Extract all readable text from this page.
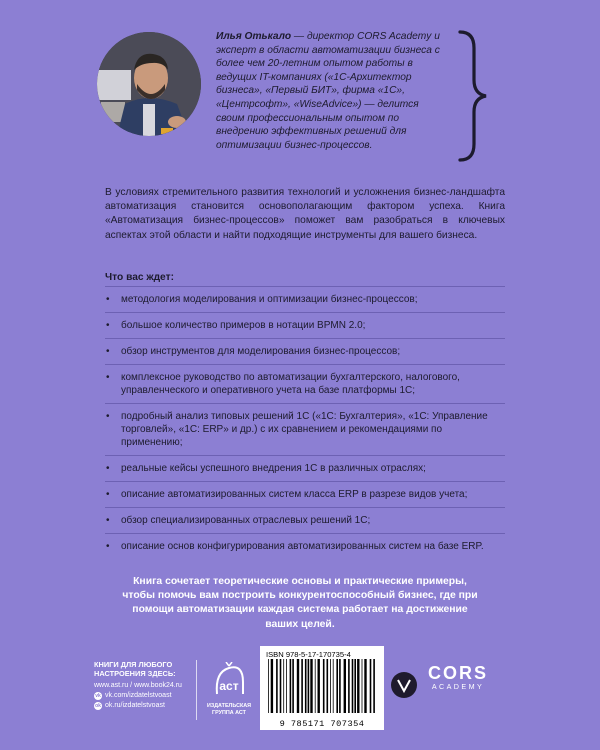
Илья Отькало — директор CORS Academy и эксперт в области автоматизации бизнеса с более чем 20-летним опытом работы в ведущих IT-компаниях («1С-Архитектор бизнеса», «Первый БИТ», фирма «1С», «Центрсофт», «WiseAdvice») — делится своим профессиональным опытом по внедрению эффективных решений для оптимизации бизнес-процессов.

В условиях стремительного развития технологий и усложнения бизнес-ландшафта автоматизация становится основополагающим фактором успеха. Книга «Автоматизация бизнес-процессов» поможет вам разобраться в ключевых аспектах этой области и найти подходящие инструменты для вашего бизнеса.

Что вас ждет:
•	методология моделирования и оптимизации бизнес-процессов;
•	большое количество примеров в нотации BPMN 2.0;
•	обзор инструментов для моделирования бизнес-процессов;
•	комплексное руководство по автоматизации бухгалтерского, налогового, управленческого и оперативного учета на базе платформы 1С;
•	подробный анализ типовых решений 1С («1С: Бухгалтерия», «1С: Управление торговлей», «1С: ERP» и др.) с их сравнением и рекомендациями по применению;
•	реальные кейсы успешного внедрения 1С в различных отраслях;
•	описание автоматизированных систем класса ERP в разрезе видов учета;
•	обзор специализированных отраслевых решений 1С;
•	описание основ конфигурирования автоматизированных систем на базе ERP.

Книга сочетает теоретические основы и практические примеры, чтобы помочь вам построить конкурентоспособный бизнес, где при помощи автоматизации каждая система работает на достижение ваших целей.

КНИГИ ДЛЯ ЛЮБОГО НАСТРОЕНИЯ ЗДЕСЬ:
www.ast.ru / www.book24.ru
vk vk.com/izdatelstvoast
ok ok.ru/izdatelstvoast
аст
ИЗДАТЕЛЬСКАЯ ГРУППА АСТ
ISBN 978-5-17-170735-4
9 785171 707354
CORS
ACADEMY
